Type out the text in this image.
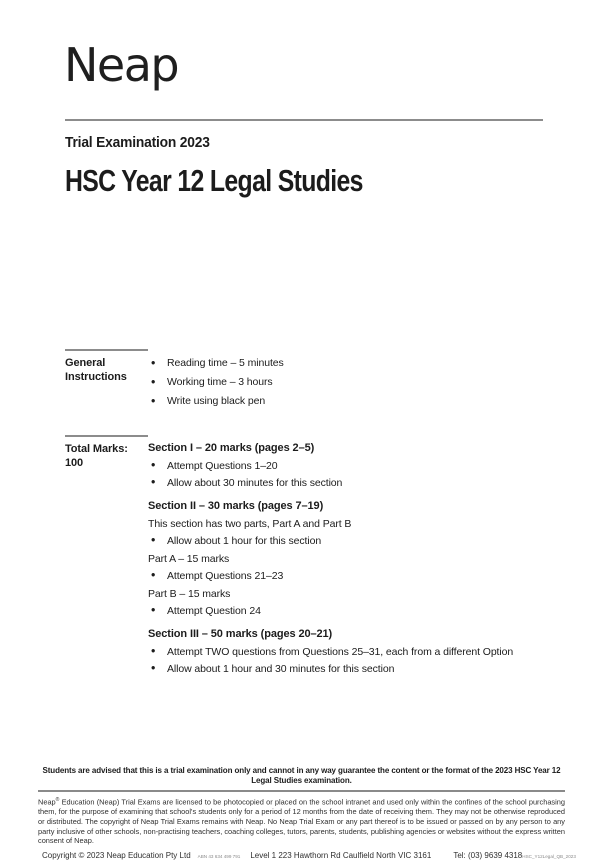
Neap
Trial Examination 2023
HSC Year 12 Legal Studies
General Instructions
• Reading time – 5 minutes
• Working time – 3 hours
• Write using black pen
Total Marks:
100
Section I – 20 marks (pages 2–5)
• Attempt Questions 1–20
• Allow about 30 minutes for this section
Section II – 30 marks (pages 7–19)
This section has two parts, Part A and Part B
• Allow about 1 hour for this section
Part A – 15 marks
• Attempt Questions 21–23
Part B – 15 marks
• Attempt Question 24
Section III – 50 marks (pages 20–21)
• Attempt TWO questions from Questions 25–31, each from a different Option
• Allow about 1 hour and 30 minutes for this section
Students are advised that this is a trial examination only and cannot in any way guarantee the content or the format of the 2023 HSC Year 12 Legal Studies examination.

Neap® Education (Neap) Trial Exams are licensed to be photocopied or placed on the school intranet and used only within the confines of the school purchasing them, for the purpose of examining that school's students only for a period of 12 months from the date of receiving them. They may not be otherwise reproduced or distributed. The copyright of Neap Trial Exams remains with Neap. No Neap Trial Exam or any part thereof is to be issued or passed on by any person to any party inclusive of other schools, non-practising teachers, coaching colleges, tutors, parents, students, publishing agencies or websites without the express written consent of Neap.

Copyright © 2023 Neap Education Pty Ltd ABN 43 634 499 791 Level 1 223 Hawthorn Rd Caulfield North VIC 3161	Tel: (03) 9639 4318 HSC_Y12Legal_QB_2023
